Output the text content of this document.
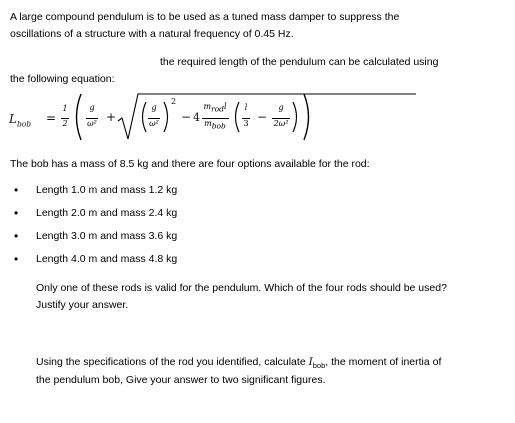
A large compound pendulum is to be used as a tuned mass damper to suppress the
oscillations of a structure with a natural frequency of 0.45 Hz.
the required length of the pendulum can be calculated using
the following equation:
$L_{bob}$ =
1
2
g
ω² +
g
ω²
2
− 4
$m_{rod}l$
$m_{bob}$
l
3 −
g
2ω²
The bob has a mass of 8.5 kg and there are four options available for the rod:
• Length 1.0 m and mass 1.2 kg
• Length 2.0 m and mass 2.4 kg
• Length 3.0 m and mass 3.6 kg
• Length 4.0 m and mass 4.8 kg
Only one of these rods is valid for the pendulum. Which of the four rods should be used?
Justify your answer.
Using the specifications of the rod you identified, calculate $I_{bob}$, the moment of inertia of
the pendulum bob, Give your answer to two significant figures.
